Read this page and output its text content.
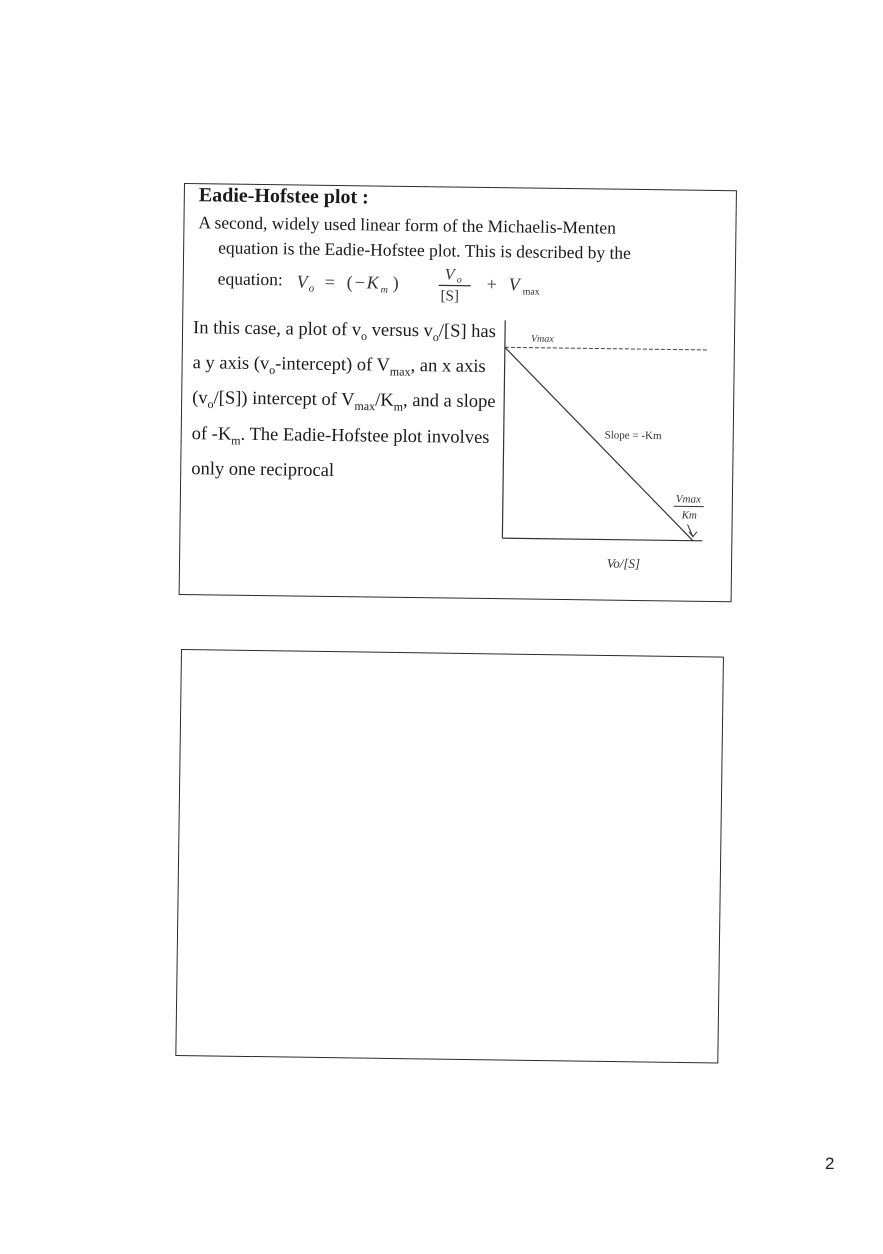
Eadie-Hofstee plot :
A second, widely used linear form of the Michaelis-Menten
equation is the Eadie-Hofstee plot. This is described by the
equation: V o = ( − K m )	V o
[S]
+ V max
In this case, a plot of $v_o$ versus $v_o/[S]$ has a y axis $(v_o-intercept)$ of $V_{max}$, an x axis $(v_o/[S])$ intercept of $V_{max}/K_m$, and a slope of $-K_m$. The Eadie-Hofstee plot involves only one reciprocal
Vmax
Slope = -Km
Vmax
Km
Vo/[S]
2
